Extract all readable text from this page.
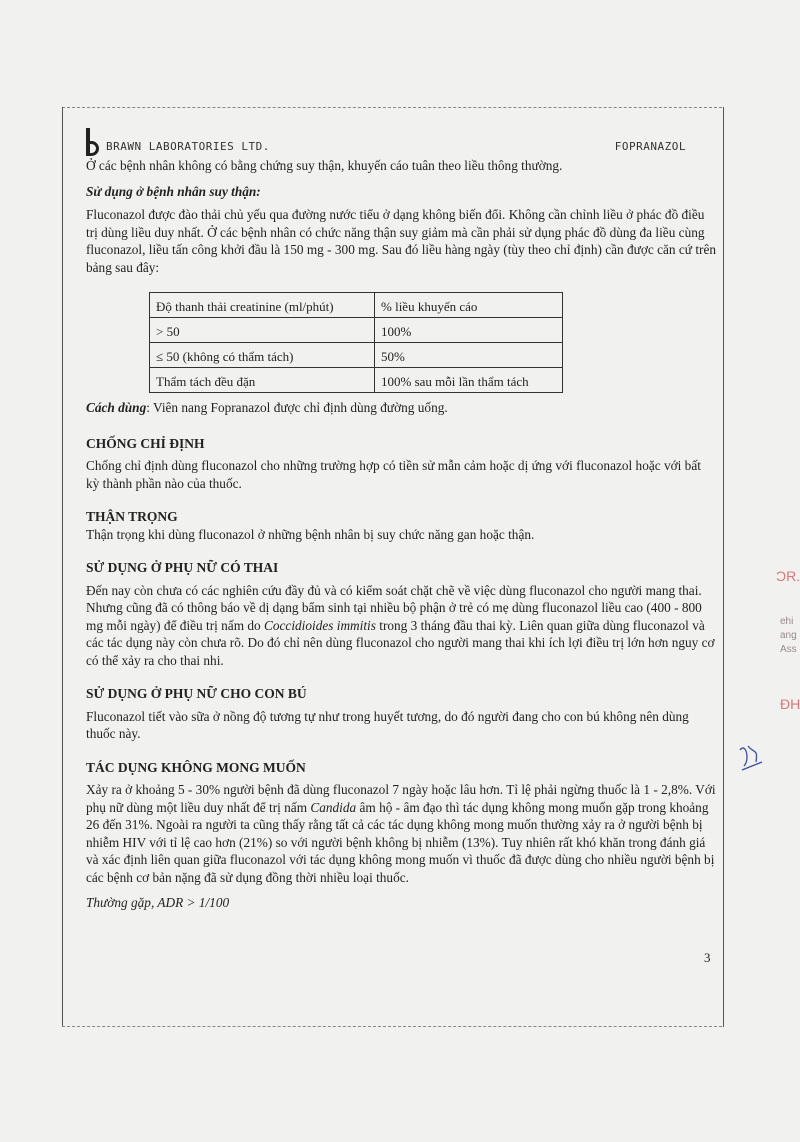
BRAWN LABORATORIES LTD.	FOPRANAZOL

Ở các bệnh nhân không có bằng chứng suy thận, khuyến cáo tuân theo liều thông thường.

Sử dụng ở bệnh nhân suy thận:

Fluconazol được đào thải chủ yếu qua đường nước tiểu ở dạng không biến đổi. Không cần chỉnh liều ở phác đồ điều trị dùng liều duy nhất. Ở các bệnh nhân có chức năng thận suy giảm mà cần phải sử dụng phác đồ dùng đa liều cùng fluconazol, liều tấn công khởi đầu là 150 mg - 300 mg. Sau đó liều hàng ngày (tùy theo chỉ định) cần được căn cứ trên bảng sau đây:

Độ thanh thải creatinine (ml/phút)	% liều khuyến cáo
> 50	100%
≤ 50 (không có thẩm tách)	50%
Thẩm tách đều đặn	100% sau mỗi lần thẩm tách

Cách dùng: Viên nang Fopranazol được chỉ định dùng đường uống.

CHỐNG CHỈ ĐỊNH

Chống chỉ định dùng fluconazol cho những trường hợp có tiền sử mẫn cảm hoặc dị ứng với fluconazol hoặc với bất kỳ thành phần nào của thuốc.

THẬN TRỌNG

Thận trọng khi dùng fluconazol ở những bệnh nhân bị suy chức năng gan hoặc thận.

SỬ DỤNG Ở PHỤ NỮ CÓ THAI

Đến nay còn chưa có các nghiên cứu đầy đủ và có kiểm soát chặt chẽ về việc dùng fluconazol cho người mang thai. Nhưng cũng đã có thông báo về dị dạng bẩm sinh tại nhiều bộ phận ở trẻ có mẹ dùng fluconazol liều cao (400 - 800 mg mỗi ngày) để điều trị nấm do Coccidioides immitis trong 3 tháng đầu thai kỳ. Liên quan giữa dùng fluconazol và các tác dụng này còn chưa rõ. Do đó chỉ nên dùng fluconazol cho người mang thai khi ích lợi điều trị lớn hơn nguy cơ có thể xảy ra cho thai nhi.

SỬ DỤNG Ở PHỤ NỮ CHO CON BÚ

Fluconazol tiết vào sữa ở nồng độ tương tự như trong huyết tương, do đó người đang cho con bú không nên dùng thuốc này.

TÁC DỤNG KHÔNG MONG MUỐN

Xảy ra ở khoảng 5 - 30% người bệnh đã dùng fluconazol 7 ngày hoặc lâu hơn. Tỉ lệ phải ngừng thuốc là 1 - 2,8%. Với phụ nữ dùng một liều duy nhất để trị nấm Candida âm hộ - âm đạo thì tác dụng không mong muốn gặp trong khoảng 26 đến 31%. Ngoài ra người ta cũng thấy rằng tất cả các tác dụng không mong muốn thường xảy ra ở người bệnh bị nhiễm HIV với tỉ lệ cao hơn (21%) so với người bệnh không bị nhiễm (13%). Tuy nhiên rất khó khăn trong đánh giá và xác định liên quan giữa fluconazol với tác dụng không mong muốn vì thuốc đã được dùng cho nhiều người bệnh bị các bệnh cơ bản nặng đã sử dụng đồng thời nhiều loại thuốc.

Thường gặp, ADR > 1/100

3
ƆR.
ehi
ang
Ass
ĐH
